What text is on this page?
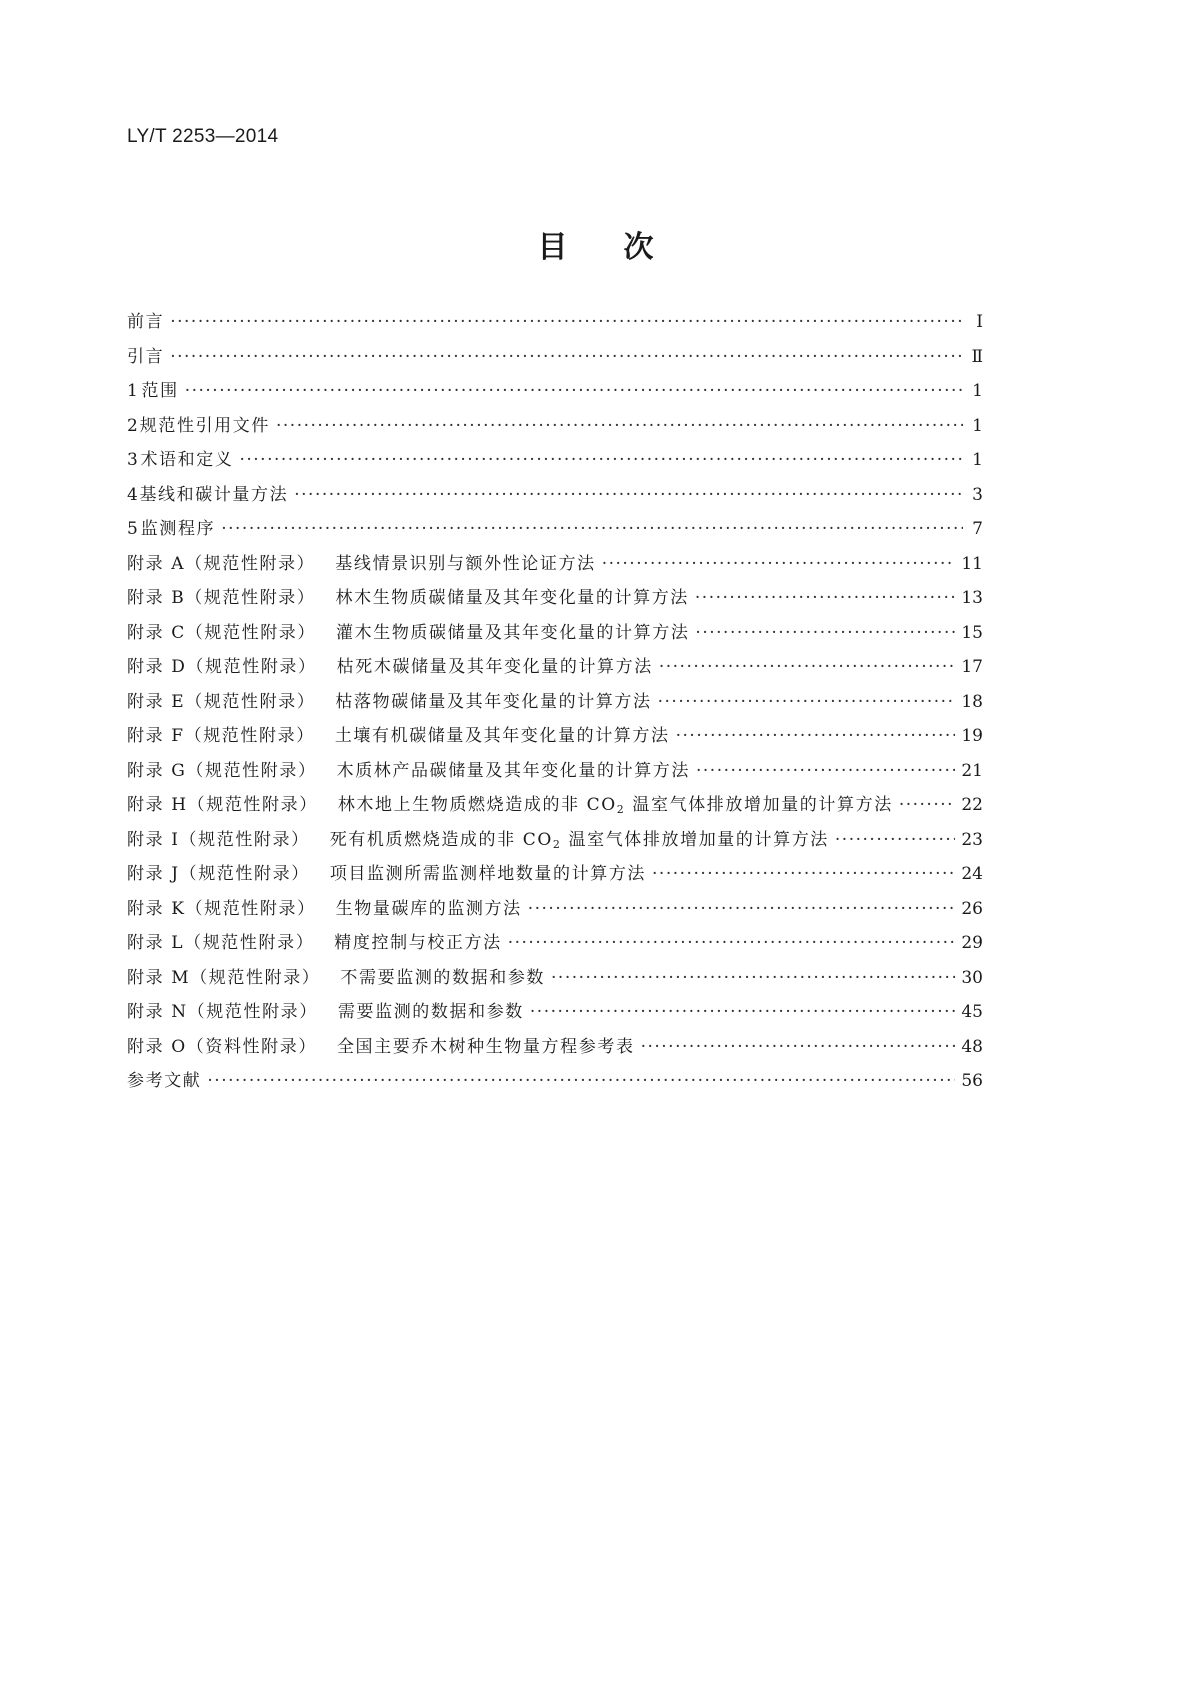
LY/T 2253—2014
目次
前言 ·····	Ⅰ
引言 ·····	Ⅱ
1 范围 ·····	1
2 规范性引用文件 ·····	1
3 术语和定义 ·····	1
4 基线和碳计量方法 ·····	3
5 监测程序 ·····	7
附录 A（规范性附录） 基线情景识别与额外性论证方法 ·····	11
附录 B（规范性附录） 林木生物质碳储量及其年变化量的计算方法 ·····	13
附录 C（规范性附录） 灌木生物质碳储量及其年变化量的计算方法 ·····	15
附录 D（规范性附录） 枯死木碳储量及其年变化量的计算方法 ·····	17
附录 E（规范性附录） 枯落物碳储量及其年变化量的计算方法 ·····	18
附录 F（规范性附录） 土壤有机碳储量及其年变化量的计算方法 ·····	19
附录 G（规范性附录） 木质林产品碳储量及其年变化量的计算方法 ·····	21
附录 H（规范性附录） 林木地上生物质燃烧造成的非 $CO_2$ 温室气体排放增加量的计算方法 ·····	22
附录 I（规范性附录） 死有机质燃烧造成的非 $CO_2$ 温室气体排放增加量的计算方法 ·····	23
附录 J（规范性附录） 项目监测所需监测样地数量的计算方法 ·····	24
附录 K（规范性附录） 生物量碳库的监测方法 ·····	26
附录 L（规范性附录） 精度控制与校正方法 ·····	29
附录 M（规范性附录） 不需要监测的数据和参数 ·····	30
附录 N（规范性附录） 需要监测的数据和参数 ·····	45
附录 O（资料性附录） 全国主要乔木树种生物量方程参考表 ·····	48
参考文献 ·····	56
